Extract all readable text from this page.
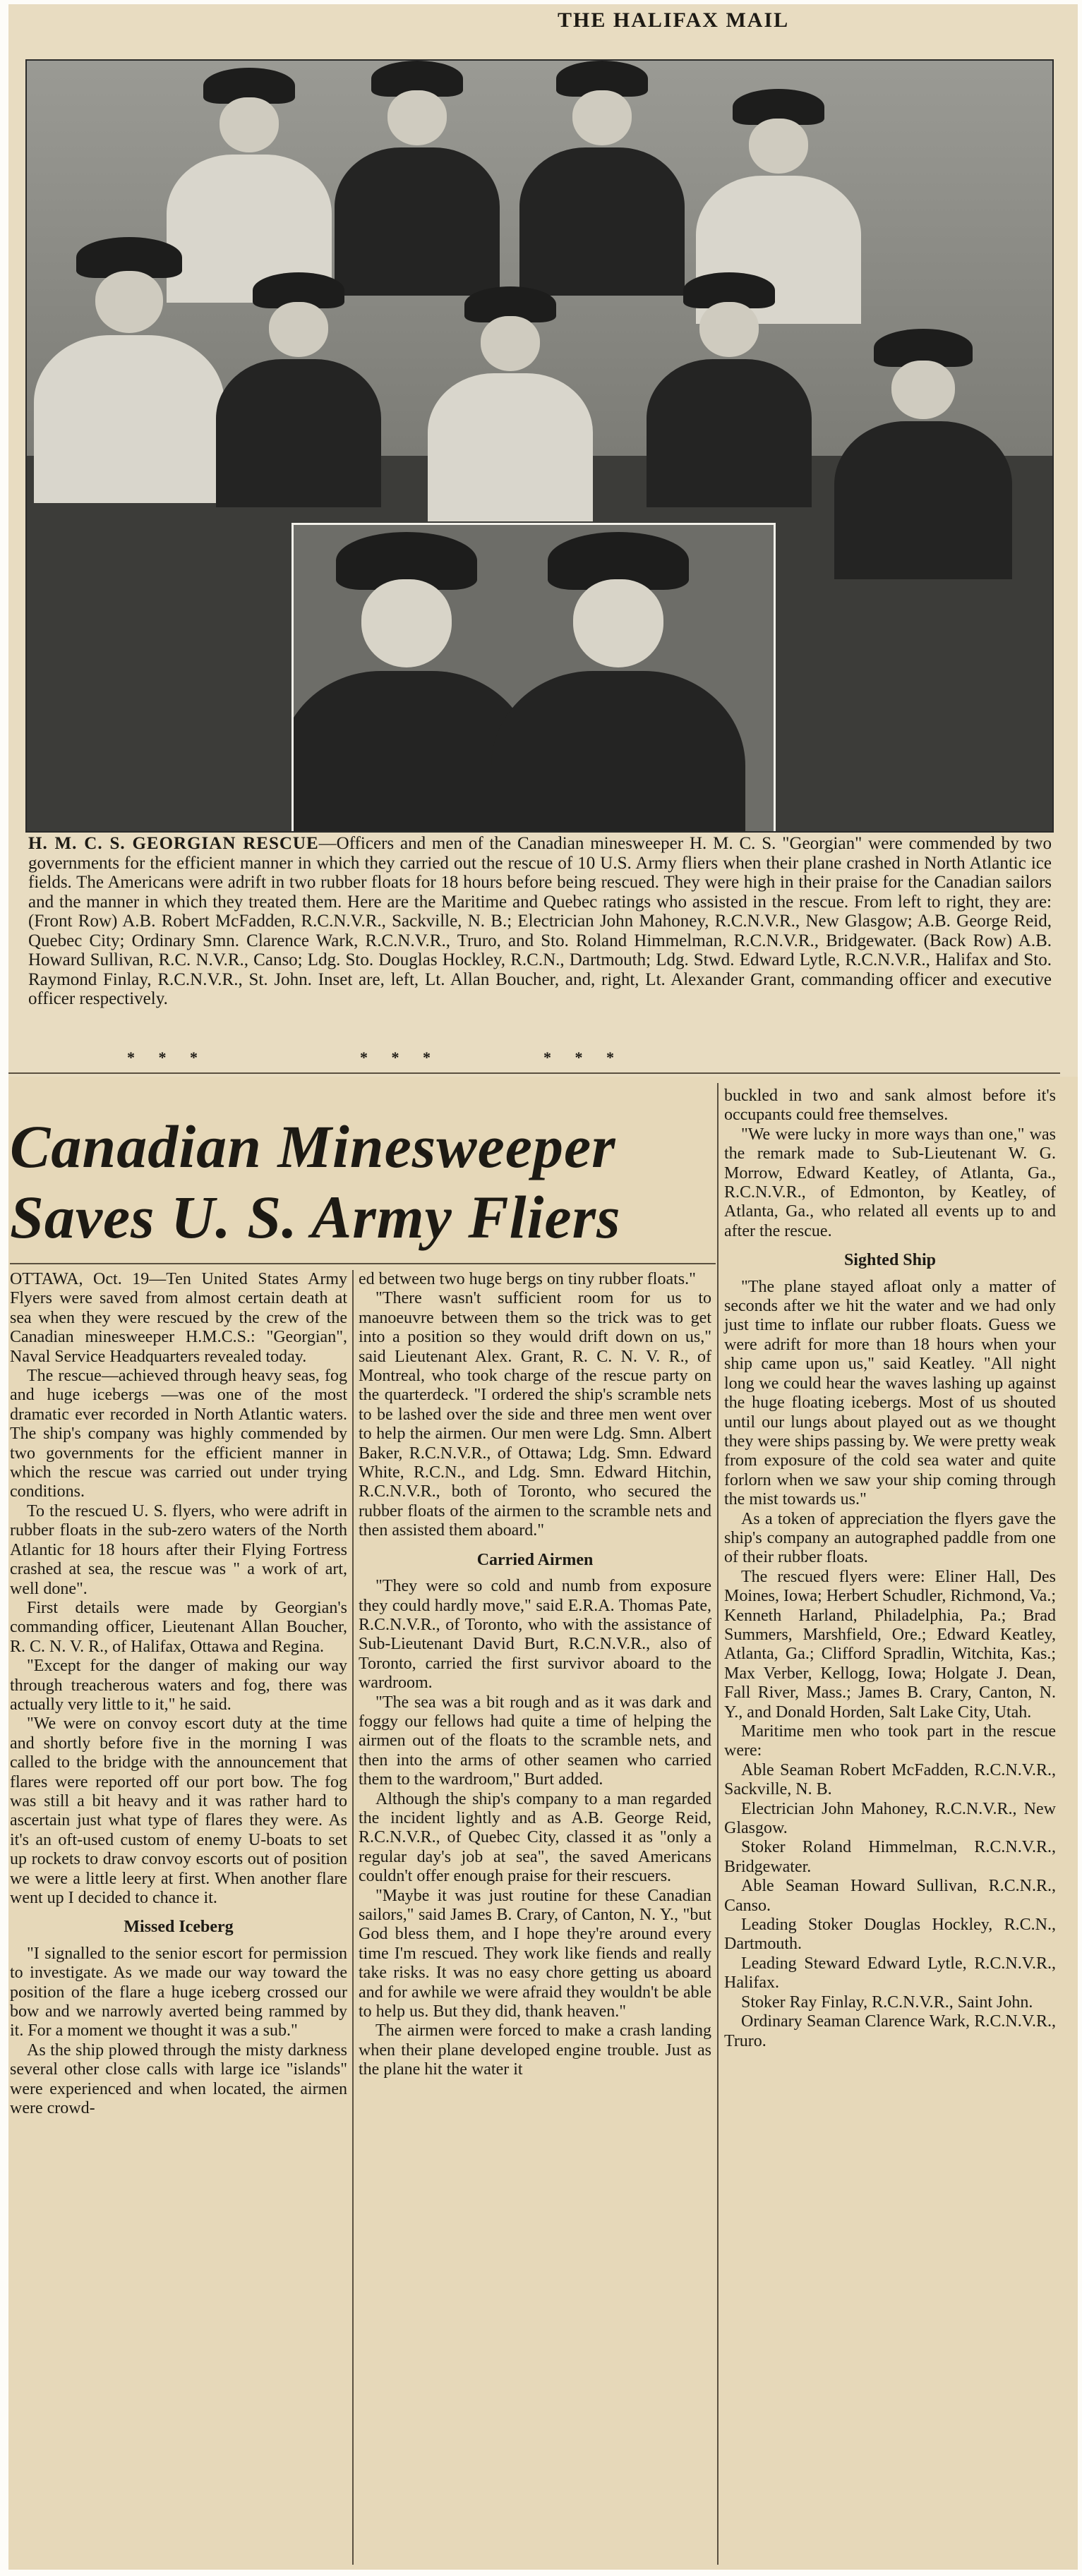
THE HALIFAX MAIL
H. M. C. S. GEORGIAN RESCUE—Officers and men of the Canadian minesweeper H. M. C. S. "Georgian" were commended by two governments for the efficient manner in which they carried out the rescue of 10 U.S. Army fliers when their plane crashed in North Atlantic ice fields. The Americans were adrift in two rubber floats for 18 hours before being rescued. They were high in their praise for the Canadian sailors and the manner in which they treated them. Here are the Maritime and Quebec ratings who assisted in the rescue. From left to right, they are: (Front Row) A.B. Robert McFadden, R.C.N.V.R., Sackville, N. B.; Electrician John Mahoney, R.C.N.V.R., New Glasgow; A.B. George Reid, Quebec City; Ordinary Smn. Clarence Wark, R.C.N.V.R., Truro, and Sto. Roland Himmelman, R.C.N.V.R., Bridgewater. (Back Row) A.B. Howard Sullivan, R.C. N.V.R., Canso; Ldg. Sto. Douglas Hockley, R.C.N., Dartmouth; Ldg. Stwd. Edward Lytle, R.C.N.V.R., Halifax and Sto. Raymond Finlay, R.C.N.V.R., St. John. Inset are, left, Lt. Allan Boucher, and, right, Lt. Alexander Grant, commanding officer and executive officer respectively.
* * *	* * *	* * *
Canadian Minesweeper
Saves U. S. Army Fliers

OTTAWA, Oct. 19—Ten United States Army Flyers were saved from almost certain death at sea when they were rescued by the crew of the Canadian minesweeper H.M.C.S.: "Georgian", Naval Service Headquarters revealed today.

The rescue—achieved through heavy seas, fog and huge icebergs —was one of the most dramatic ever recorded in North Atlantic waters. The ship's company was highly commended by two governments for the efficient manner in which the rescue was carried out under trying conditions.

To the rescued U. S. flyers, who were adrift in rubber floats in the sub-zero waters of the North Atlantic for 18 hours after their Flying Fortress crashed at sea, the rescue was " a work of art, well done".

First details were made by Georgian's commanding officer, Lieutenant Allan Boucher, R. C. N. V. R., of Halifax, Ottawa and Regina.

"Except for the danger of making our way through treacherous waters and fog, there was actually very little to it," he said.

"We were on convoy escort duty at the time and shortly before five in the morning I was called to the bridge with the announcement that flares were reported off our port bow. The fog was still a bit heavy and it was rather hard to ascertain just what type of flares they were. As it's an oft-used custom of enemy U-boats to set up rockets to draw convoy escorts out of position we were a little leery at first. When another flare went up I decided to chance it.

Missed Iceberg

"I signalled to the senior escort for permission to investigate. As we made our way toward the position of the flare a huge iceberg crossed our bow and we narrowly averted being rammed by it. For a moment we thought it was a sub."

As the ship plowed through the misty darkness several other close calls with large ice "islands" were experienced and when located, the airmen were crowd-

ed between two huge bergs on tiny rubber floats."

"There wasn't sufficient room for us to manoeuvre between them so the trick was to get into a position so they would drift down on us," said Lieutenant Alex. Grant, R. C. N. V. R., of Montreal, who took charge of the rescue party on the quarterdeck. "I ordered the ship's scramble nets to be lashed over the side and three men went over to help the airmen. Our men were Ldg. Smn. Albert Baker, R.C.N.V.R., of Ottawa; Ldg. Smn. Edward White, R.C.N., and Ldg. Smn. Edward Hitchin, R.C.N.V.R., both of Toronto, who secured the rubber floats of the airmen to the scramble nets and then assisted them aboard."

Carried Airmen

"They were so cold and numb from exposure they could hardly move," said E.R.A. Thomas Pate, R.C.N.V.R., of Toronto, who with the assistance of Sub-Lieutenant David Burt, R.C.N.V.R., also of Toronto, carried the first survivor aboard to the wardroom.

"The sea was a bit rough and as it was dark and foggy our fellows had quite a time of helping the airmen out of the floats to the scramble nets, and then into the arms of other seamen who carried them to the wardroom," Burt added.

Although the ship's company to a man regarded the incident lightly and as A.B. George Reid, R.C.N.V.R., of Quebec City, classed it as "only a regular day's job at sea", the saved Americans couldn't offer enough praise for their rescuers.

"Maybe it was just routine for these Canadian sailors," said James B. Crary, of Canton, N. Y., "but God bless them, and I hope they're around every time I'm rescued. They work like fiends and really take risks. It was no easy chore getting us aboard and for awhile we were afraid they wouldn't be able to help us. But they did, thank heaven."

The airmen were forced to make a crash landing when their plane developed engine trouble. Just as the plane hit the water it

buckled in two and sank almost before it's occupants could free themselves.

"We were lucky in more ways than one," was the remark made to Sub-Lieutenant W. G. Morrow, Edward Keatley, of Atlanta, Ga., R.C.N.V.R., of Edmonton, by Keatley, of Atlanta, Ga., who related all events up to and after the rescue.

Sighted Ship

"The plane stayed afloat only a matter of seconds after we hit the water and we had only just time to inflate our rubber floats. Guess we were adrift for more than 18 hours when your ship came upon us," said Keatley. "All night long we could hear the waves lashing up against the huge floating icebergs. Most of us shouted until our lungs about played out as we thought they were ships passing by. We were pretty weak from exposure of the cold sea water and quite forlorn when we saw your ship coming through the mist towards us."

As a token of appreciation the flyers gave the ship's company an autographed paddle from one of their rubber floats.

The rescued flyers were: Eliner Hall, Des Moines, Iowa; Herbert Schudler, Richmond, Va.; Kenneth Harland, Philadelphia, Pa.; Brad Summers, Marshfield, Ore.; Edward Keatley, Atlanta, Ga.; Clifford Spradlin, Witchita, Kas.; Max Verber, Kellogg, Iowa; Holgate J. Dean, Fall River, Mass.; James B. Crary, Canton, N. Y., and Donald Horden, Salt Lake City, Utah.

Maritime men who took part in the rescue were:

Able Seaman Robert McFadden, R.C.N.V.R., Sackville, N. B.

Electrician John Mahoney, R.C.N.V.R., New Glasgow.

Stoker Roland Himmelman, R.C.N.V.R., Bridgewater.

Able Seaman Howard Sullivan, R.C.N.R., Canso.

Leading Stoker Douglas Hockley, R.C.N., Dartmouth.

Leading Steward Edward Lytle, R.C.N.V.R., Halifax.

Stoker Ray Finlay, R.C.N.V.R., Saint John.

Ordinary Seaman Clarence Wark, R.C.N.V.R., Truro.
